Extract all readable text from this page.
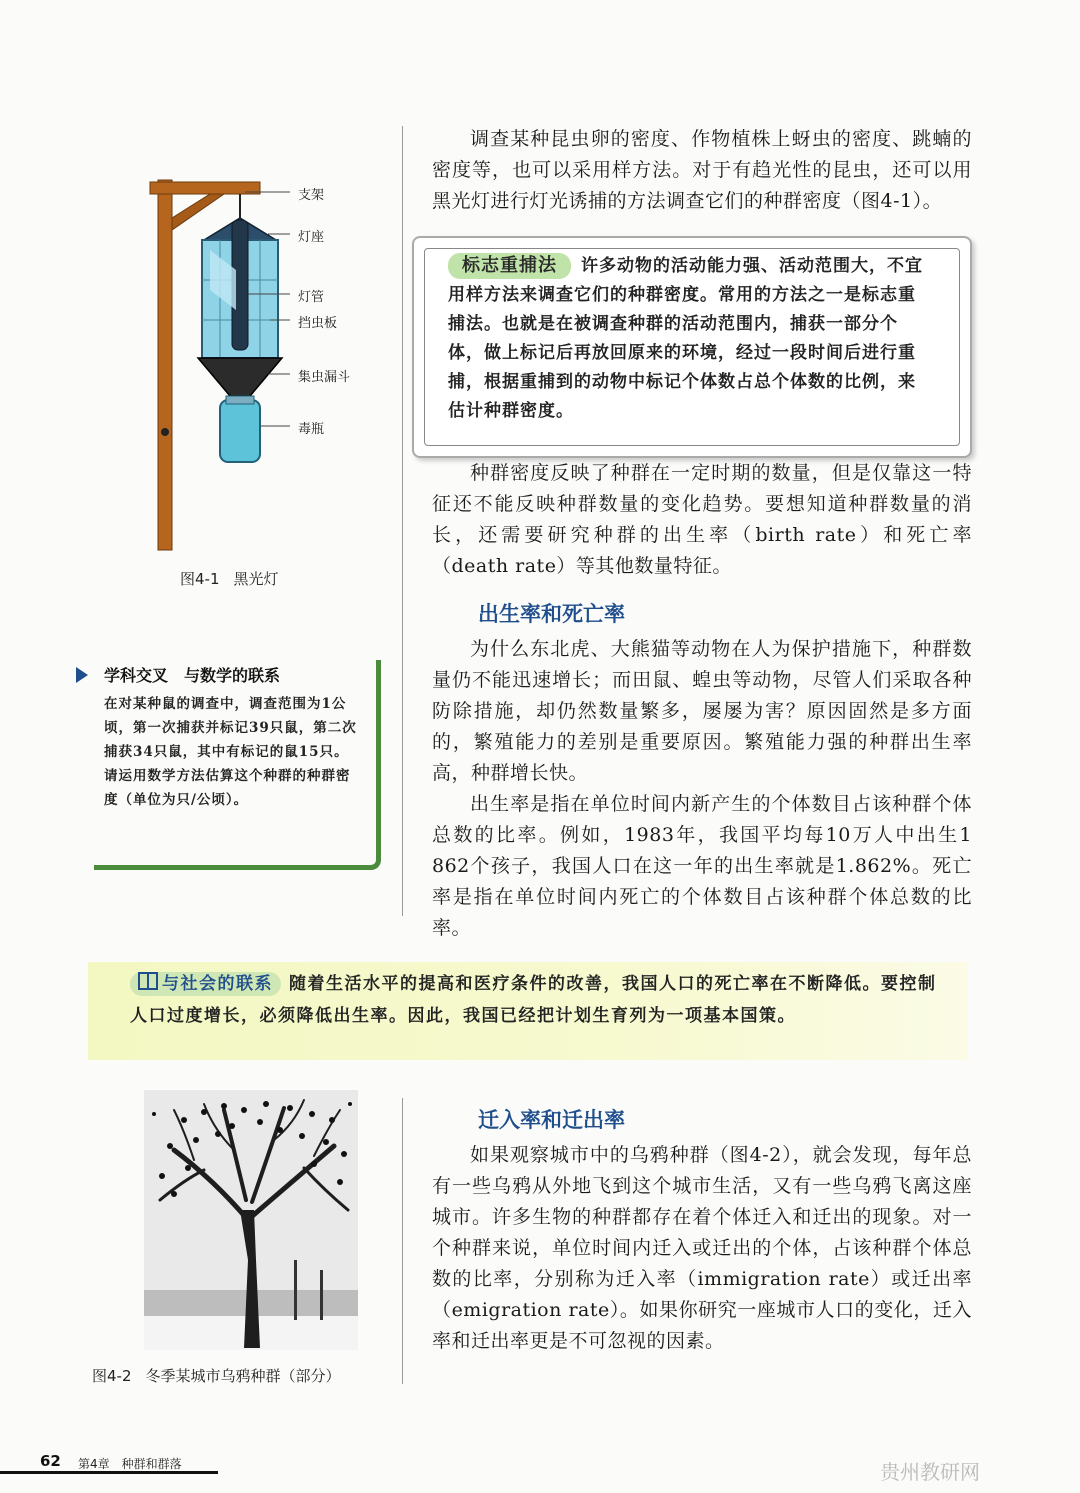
支架
灯座
灯管
挡虫板
集虫漏斗
毒瓶
图4-1 黑光灯

调查某种昆虫卵的密度、作物植株上蚜虫的密度、跳蝻的密度等，也可以采用样方法。对于有趋光性的昆虫，还可以用黑光灯进行灯光诱捕的方法调查它们的种群密度（图4-1）。

标志重捕法 许多动物的活动能力强、活动范围大，不宜用样方法来调查它们的种群密度。常用的方法之一是标志重捕法。也就是在被调查种群的活动范围内，捕获一部分个体，做上标记后再放回原来的环境，经过一段时间后进行重捕，根据重捕到的动物中标记个体数占总个体数的比例，来估计种群密度。

种群密度反映了种群在一定时期的数量，但是仅靠这一特征还不能反映种群数量的变化趋势。要想知道种群数量的消长，还需要研究种群的出生率（birth rate）和死亡率（death rate）等其他数量特征。

出生率和死亡率

为什么东北虎、大熊猫等动物在人为保护措施下，种群数量仍不能迅速增长；而田鼠、蝗虫等动物，尽管人们采取各种防除措施，却仍然数量繁多，屡屡为害？原因固然是多方面的，繁殖能力的差别是重要原因。繁殖能力强的种群出生率高，种群增长快。

出生率是指在单位时间内新产生的个体数目占该种群个体总数的比率。例如，1983年，我国平均每10万人中出生1 862个孩子，我国人口在这一年的出生率就是1.862%。死亡率是指在单位时间内死亡的个体数目占该种群个体总数的比率。

学科交叉　与数学的联系

在对某种鼠的调查中，调查范围为1公顷，第一次捕获并标记39只鼠，第二次捕获34只鼠，其中有标记的鼠15只。

请运用数学方法估算这个种群的种群密度（单位为只/公顷）。

与社会的联系 随着生活水平的提高和医疗条件的改善，我国人口的死亡率在不断降低。要控制人口过度增长，必须降低出生率。因此，我国已经把计划生育列为一项基本国策。
图4-2 冬季某城市乌鸦种群（部分）
迁入率和迁出率

如果观察城市中的乌鸦种群（图4-2），就会发现，每年总有一些乌鸦从外地飞到这个城市生活，又有一些乌鸦飞离这座城市。许多生物的种群都存在着个体迁入和迁出的现象。对一个种群来说，单位时间内迁入或迁出的个体，占该种群个体总数的比率，分别称为迁入率（immigration rate）或迁出率（emigration rate）。如果你研究一座城市人口的变化，迁入率和迁出率更是不可忽视的因素。

62 第4章　种群和群落	贵州教研网
